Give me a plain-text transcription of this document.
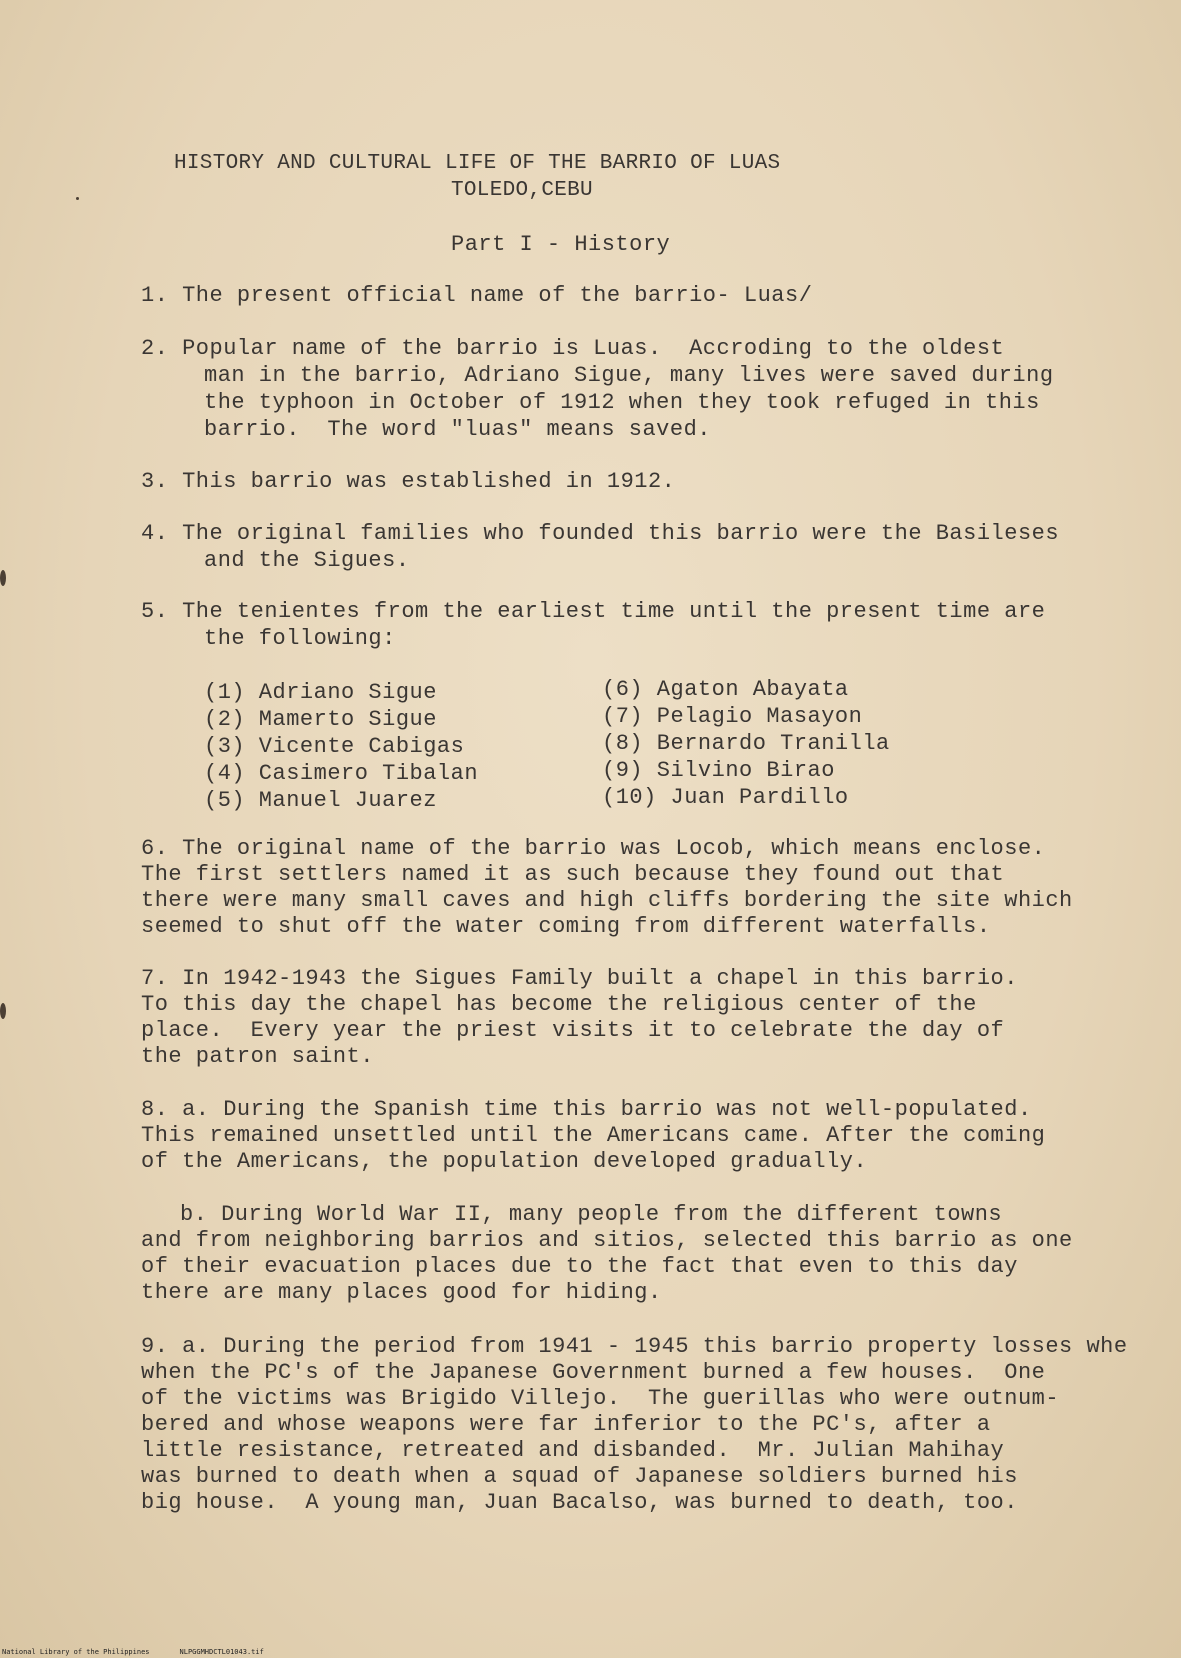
HISTORY AND CULTURAL LIFE OF THE BARRIO OF LUAS
TOLEDO,CEBU
Part I - History
1. The present official name of the barrio- Luas/
2. Popular name of the barrio is Luas.  Accroding to the oldest
man in the barrio, Adriano Sigue, many lives were saved during
the typhoon in October of 1912 when they took refuged in this
barrio.  The word "luas" means saved.
3. This barrio was established in 1912.
4. The original families who founded this barrio were the Basileses
and the Sigues.
5. The tenientes from the earliest time until the present time are
the following:
(1) Adriano Sigue
(2) Mamerto Sigue
(3) Vicente Cabigas
(4) Casimero Tibalan
(5) Manuel Juarez
(6) Agaton Abayata
(7) Pelagio Masayon
(8) Bernardo Tranilla
(9) Silvino Birao
(10) Juan Pardillo
6. The original name of the barrio was Locob, which means enclose.
The first settlers named it as such because they found out that
there were many small caves and high cliffs bordering the site which
seemed to shut off the water coming from different waterfalls.
7. In 1942-1943 the Sigues Family built a chapel in this barrio.
To this day the chapel has become the religious center of the
place.  Every year the priest visits it to celebrate the day of
the patron saint.
8. a. During the Spanish time this barrio was not well-populated.
This remained unsettled until the Americans came. After the coming
of the Americans, the population developed gradually.
b. During World War II, many people from the different towns
and from neighboring barrios and sitios, selected this barrio as one
of their evacuation places due to the fact that even to this day
there are many places good for hiding.
9. a. During the period from 1941 - 1945 this barrio property losses whe
when the PC's of the Japanese Government burned a few houses.  One
of the victims was Brigido Villejo.  The guerillas who were outnum-
bered and whose weapons were far inferior to the PC's, after a
little resistance, retreated and disbanded.  Mr. Julian Mahihay
was burned to death when a squad of Japanese soldiers burned his
big house.  A young man, Juan Bacalso, was burned to death, too.
National Library of the Philippines	NLPGGMHDCTL01043.tif
